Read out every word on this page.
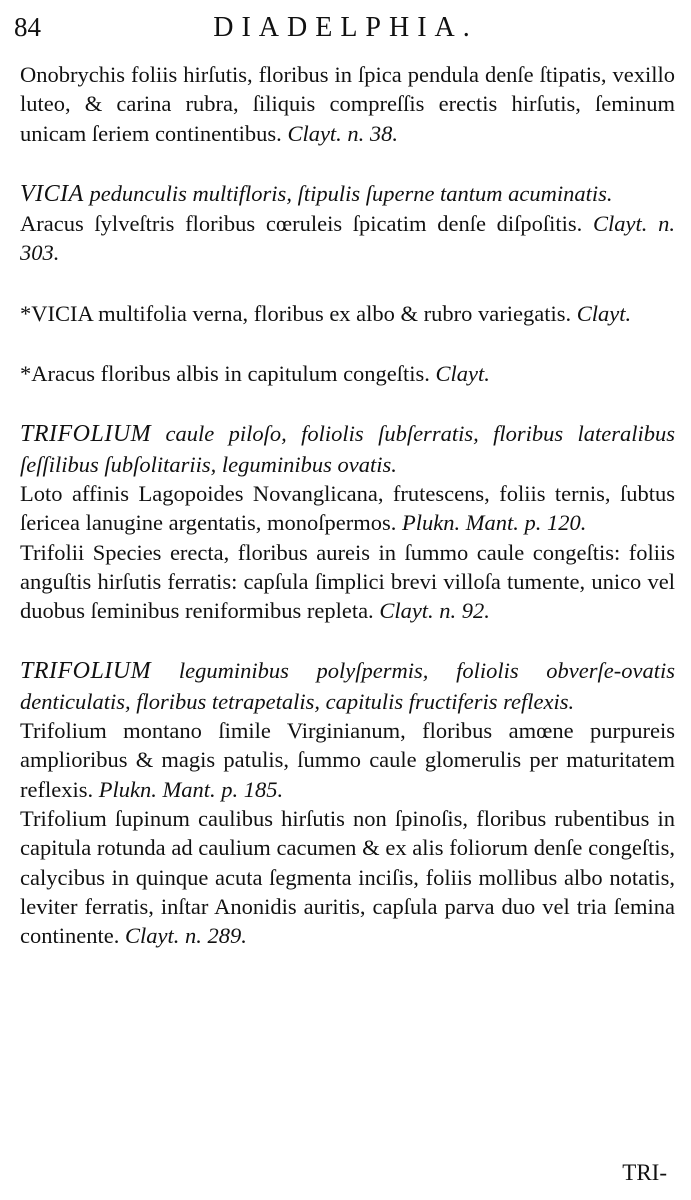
84	DIADELPHIA.

Onobrychis foliis hirſutis, floribus in ſpica pendula denſe ſtipatis, vexillo luteo, & carina rubra, ſiliquis compreſſis erectis hirſutis, ſeminum unicam ſeriem continentibus. Clayt. n. 38.

VICIA pedunculis multifloris, ſtipulis ſuperne tantum acuminatis.

Aracus ſylveſtris floribus cœruleis ſpicatim denſe diſpoſitis. Clayt. n. 303.

*VICIA multifolia verna, floribus ex albo & rubro variegatis. Clayt.

*Aracus floribus albis in capitulum congeſtis. Clayt.

TRIFOLIUM caule piloſo, foliolis ſubſerratis, floribus lateralibus ſeſſilibus ſubſolitariis, leguminibus ovatis.

Loto affinis Lagopoides Novanglicana, frutescens, foliis ternis, ſubtus ſericea lanugine argentatis, monoſpermos. Plukn. Mant. p. 120.

Trifolii Species erecta, floribus aureis in ſummo caule congeſtis: foliis anguſtis hirſutis ferratis: capſula ſimplici brevi villoſa tumente, unico vel duobus ſeminibus reniformibus repleta. Clayt. n. 92.

TRIFOLIUM leguminibus polyſpermis, foliolis obverſe-ovatis denticulatis, floribus tetrapetalis, capitulis fructiferis reflexis.

Trifolium montano ſimile Virginianum, floribus amœne purpureis amplioribus & magis patulis, ſummo caule glomerulis per maturitatem reflexis. Plukn. Mant. p. 185.

Trifolium ſupinum caulibus hirſutis non ſpinoſis, floribus rubentibus in capitula rotunda ad caulium cacumen & ex alis foliorum denſe congeſtis, calycibus in quinque acuta ſegmenta inciſis, foliis mollibus albo notatis, leviter ferratis, inſtar Anonidis auritis, capſula parva duo vel tria ſemina continente. Clayt. n. 289.

TRI-
